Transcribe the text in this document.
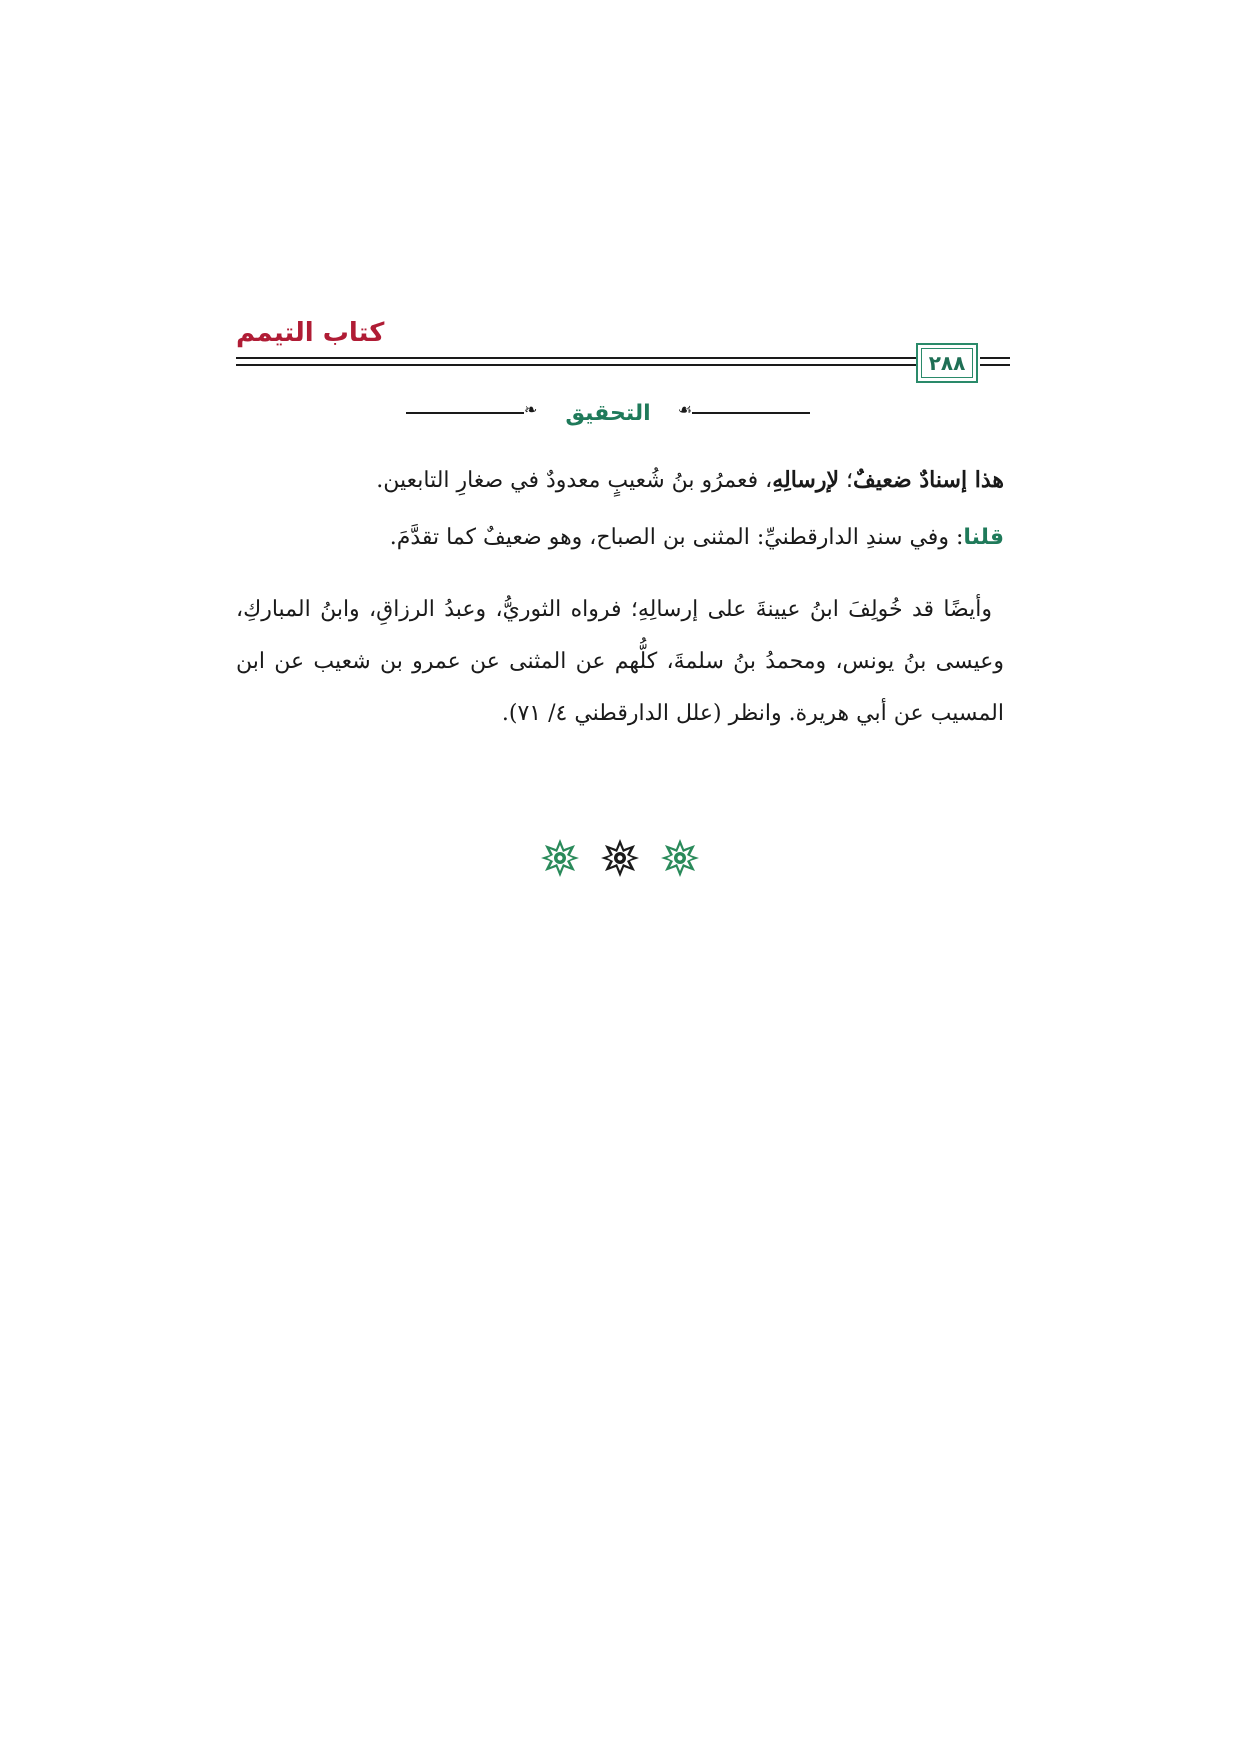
كتاب التيمم
٢٨٨
❧ التحقيق ☙
هذا إسنادٌ ضعيفٌ؛ لإرسالِهِ، فعمرُو بنُ شُعيبٍ معدودٌ في صغارِ التابعين.
قلنا: وفي سندِ الدارقطنيِّ: المثنى بن الصباح، وهو ضعيفٌ كما تقدَّمَ.
وأيضًا قد خُولِفَ ابنُ عيينةَ على إرسالِهِ؛ فرواه الثوريُّ، وعبدُ الرزاقِ، وابنُ المباركِ، وعيسى بنُ يونس، ومحمدُ بنُ سلمةَ، كلُّهم عن المثنى عن عمرو بن شعيب عن ابن المسيب عن أبي هريرة. وانظر (علل الدارقطني ٤/ ٧١).
